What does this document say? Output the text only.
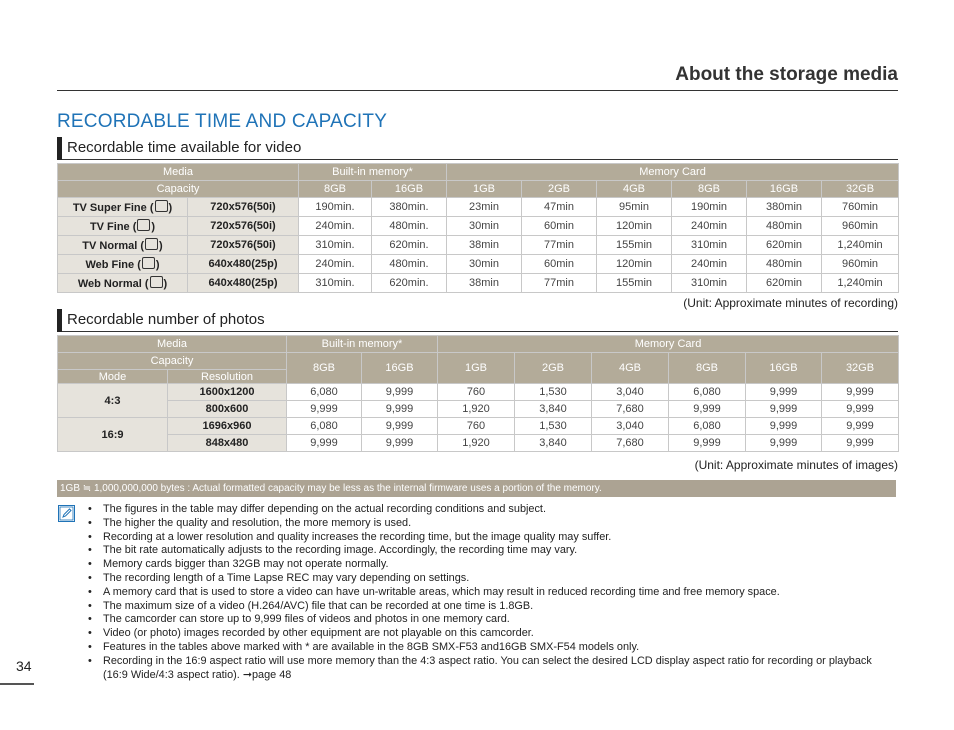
About the storage media
RECORDABLE TIME AND CAPACITY
Recordable time available for video
Media		Built-in memory*		Memory Card					
Capacity		8GB	16GB	1GB	2GB	4GB	8GB	16GB	32GB
TV Super Fine ( )	720x576(50i)	190min.	380min.	23min	47min	95min	190min	380min	760min
TV Fine ( )	720x576(50i)	240min.	480min.	30min	60min	120min	240min	480min	960min
TV Normal ( )	720x576(50i)	310min.	620min.	38min	77min	155min	310min	620min	1,240min
Web Fine ( )	640x480(25p)	240min.	480min.	30min	60min	120min	240min	480min	960min
Web Normal ( )	640x480(25p)	310min.	620min.	38min	77min	155min	310min	620min	1,240min
(Unit: Approximate minutes of recording)
Recordable number of photos
Media		Built-in memory*		Memory Card					
Capacity		8GB	16GB	1GB	2GB	4GB	8GB	16GB	32GB
Mode	Resolution								
4:3	1600x1200	6,080	9,999	760	1,530	3,040	6,080	9,999	9,999
	800x600	9,999	9,999	1,920	3,840	7,680	9,999	9,999	9,999
16:9	1696x960	6,080	9,999	760	1,530	3,040	6,080	9,999	9,999
	848x480	9,999	9,999	1,920	3,840	7,680	9,999	9,999	9,999
(Unit: Approximate minutes of images)
1GB ≒ 1,000,000,000 bytes : Actual formatted capacity may be less as the internal firmware uses a portion of the memory.
• The figures in the table may differ depending on the actual recording conditions and subject.
• The higher the quality and resolution, the more memory is used.
• Recording at a lower resolution and quality increases the recording time, but the image quality may suffer.
• The bit rate automatically adjusts to the recording image. Accordingly, the recording time may vary.
• Memory cards bigger than 32GB may not operate normally.
• The recording length of a Time Lapse REC may vary depending on settings.
• A memory card that is used to store a video can have un-writable areas, which may result in reduced recording time and free memory space.
• The maximum size of a video (H.264/AVC) file that can be recorded at one time is 1.8GB.
• The camcorder can store up to 9,999 files of videos and photos in one memory card.
• Video (or photo) images recorded by other equipment are not playable on this camcorder.
• Features in the tables above marked with * are available in the 8GB SMX-F53 and16GB SMX-F54 models only.
• Recording in the 16:9 aspect ratio will use more memory than the 4:3 aspect ratio. You can select the desired LCD display aspect ratio for recording or playback (16:9 Wide/4:3 aspect ratio). ➞page 48
34
